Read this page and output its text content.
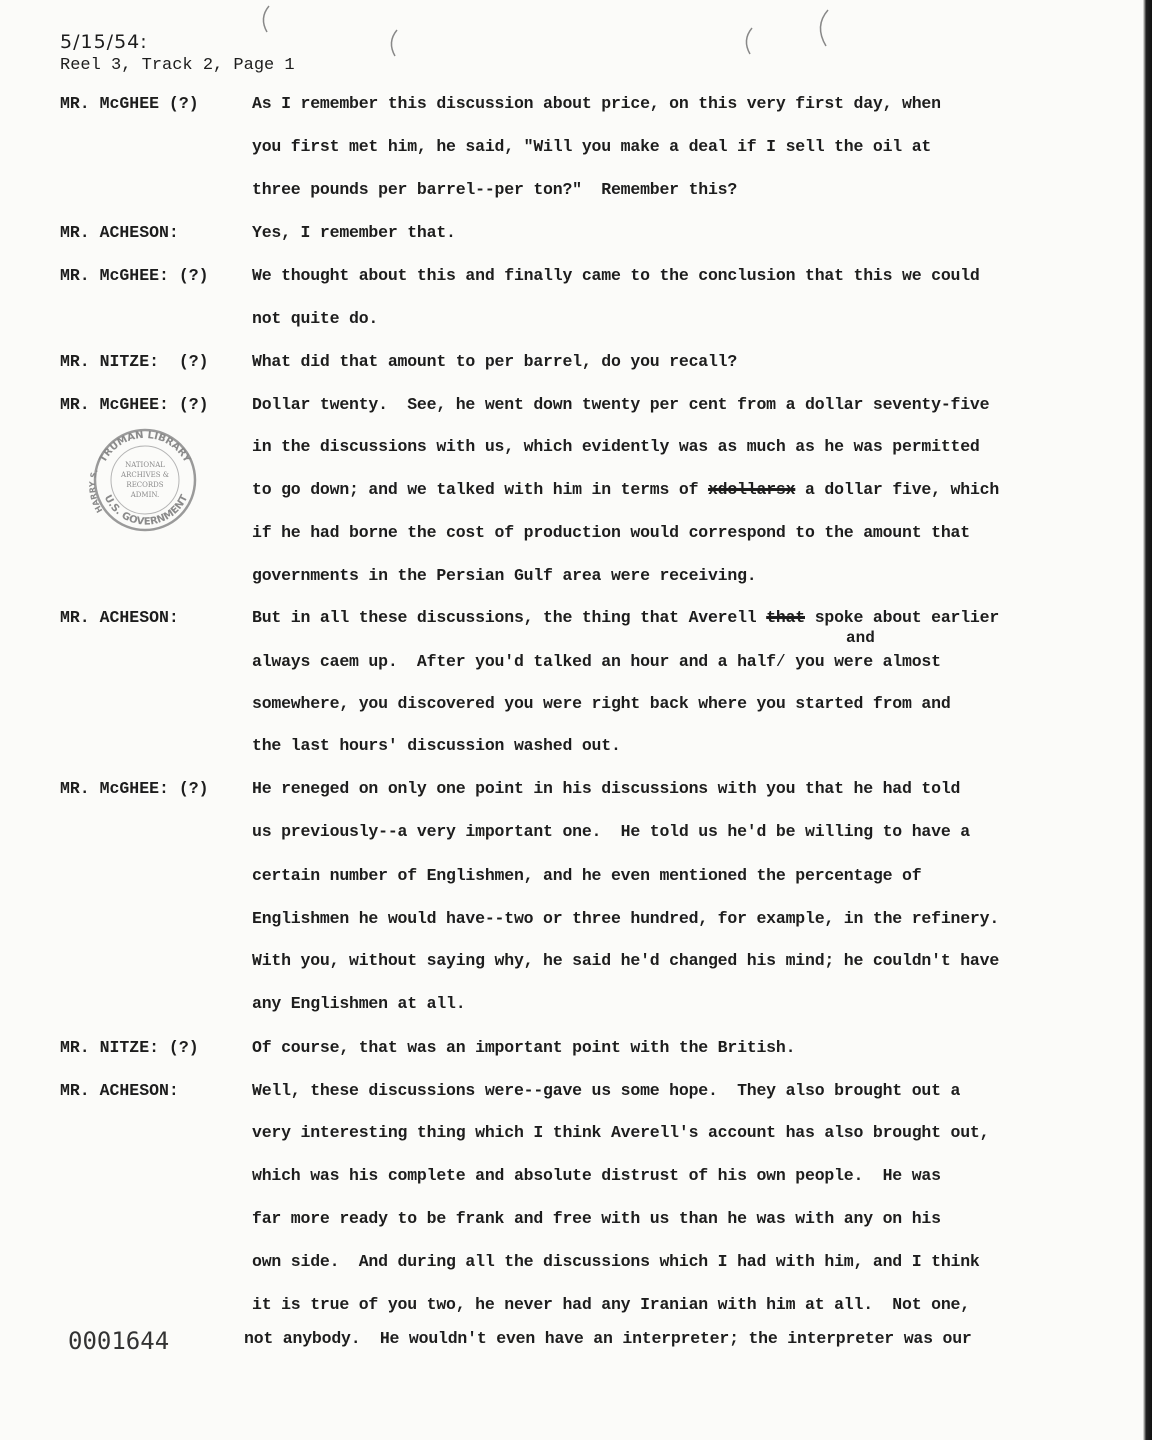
5/15/54:
Reel 3, Track 2, Page 1
MR. McGHEE (?)	As I remember this discussion about price, on this very first day, when
you first met him, he said, "Will you make a deal if I sell the oil at
three pounds per barrel--per ton?"  Remember this?
MR. ACHESON:	Yes, I remember that.
MR. McGHEE: (?)	We thought about this and finally came to the conclusion that this we could
not quite do.
MR. NITZE:  (?)	What did that amount to per barrel, do you recall?
MR. McGHEE: (?)	Dollar twenty.  See, he went down twenty per cent from a dollar seventy-five
in the discussions with us, which evidently was as much as he was permitted
to go down; and we talked with him in terms of xdollarsx a dollar five, which
if he had borne the cost of production would correspond to the amount that
governments in the Persian Gulf area were receiving.
MR. ACHESON:	But in all these discussions, the thing that Averell that spoke about earlier
and
always caem up.  After you'd talked an hour and a half/ you were almost
somewhere, you discovered you were right back where you started from and
the last hours' discussion washed out.
MR. McGHEE: (?)	He reneged on only one point in his discussions with you that he had told
us previously--a very important one.  He told us he'd be willing to have a
certain number of Englishmen, and he even mentioned the percentage of
Englishmen he would have--two or three hundred, for example, in the refinery.
With you, without saying why, he said he'd changed his mind; he couldn't have
any Englishmen at all.
MR. NITZE: (?)	Of course, that was an important point with the British.
MR. ACHESON:	Well, these discussions were--gave us some hope.  They also brought out a
very interesting thing which I think Averell's account has also brought out,
which was his complete and absolute distrust of his own people.  He was
far more ready to be frank and free with us than he was with any on his
own side.  And during all the discussions which I had with him, and I think
it is true of you two, he never had any Iranian with him at all.  Not one,
not anybody.  He wouldn't even have an interpreter; the interpreter was our
TRUMAN LIBRARY
HARRY S.
U.S. GOVERNMENT
NATIONAL
ARCHIVES &
RECORDS
ADMIN.
0001644
